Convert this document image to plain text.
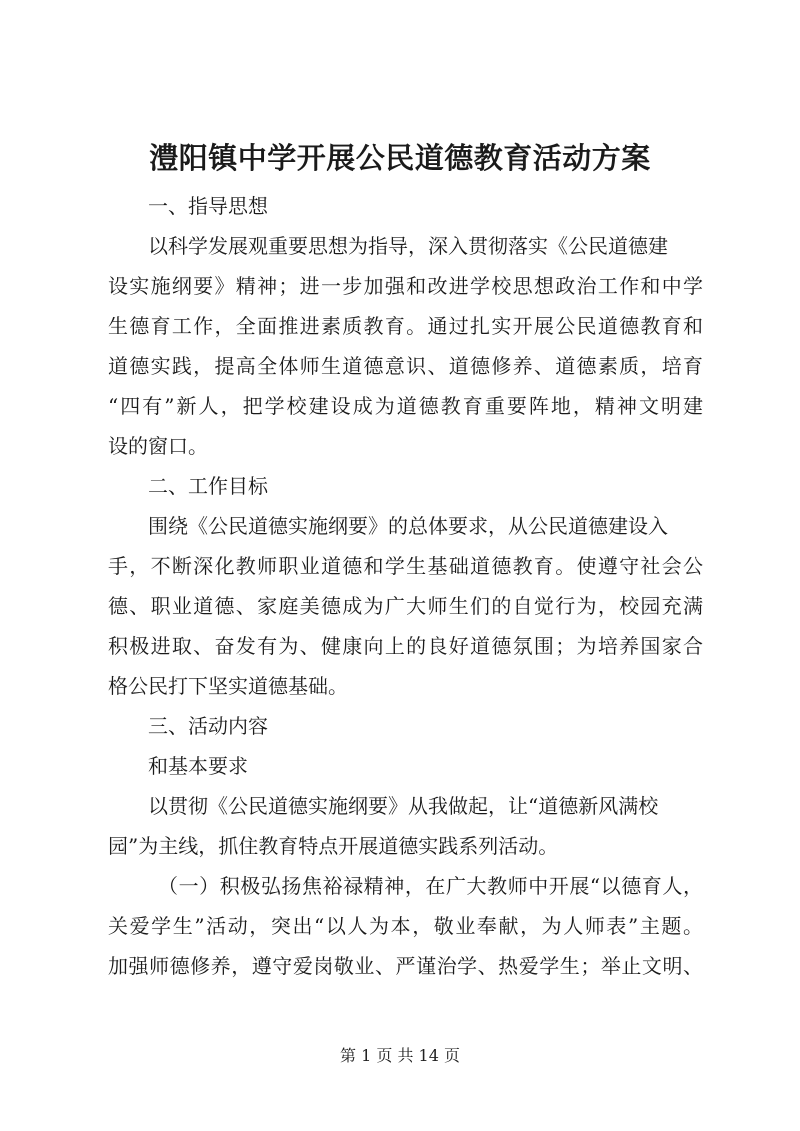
澧阳镇中学开展公民道德教育活动方案
一、指导思想
以科学发展观重要思想为指导，深入贯彻落实《公民道德建
设实施纲要》精神；进一步加强和改进学校思想政治工作和中学
生德育工作，全面推进素质教育。通过扎实开展公民道德教育和
道德实践，提高全体师生道德意识、道德修养、道德素质，培育
“四有”新人，把学校建设成为道德教育重要阵地，精神文明建
设的窗口。
二、工作目标
围绕《公民道德实施纲要》的总体要求，从公民道德建设入
手，不断深化教师职业道德和学生基础道德教育。使遵守社会公
德、职业道德、家庭美德成为广大师生们的自觉行为，校园充满
积极进取、奋发有为、健康向上的良好道德氛围；为培养国家合
格公民打下坚实道德基础。
三、活动内容
和基本要求
以贯彻《公民道德实施纲要》从我做起，让“道德新风满校
园”为主线，抓住教育特点开展道德实践系列活动。
（一）积极弘扬焦裕禄精神，在广大教师中开展“以德育人，
关爱学生”活动，突出“以人为本，敬业奉献，为人师表”主题。
加强师德修养，遵守爱岗敬业、严谨治学、热爱学生；举止文明、
第 1 页 共 14 页
